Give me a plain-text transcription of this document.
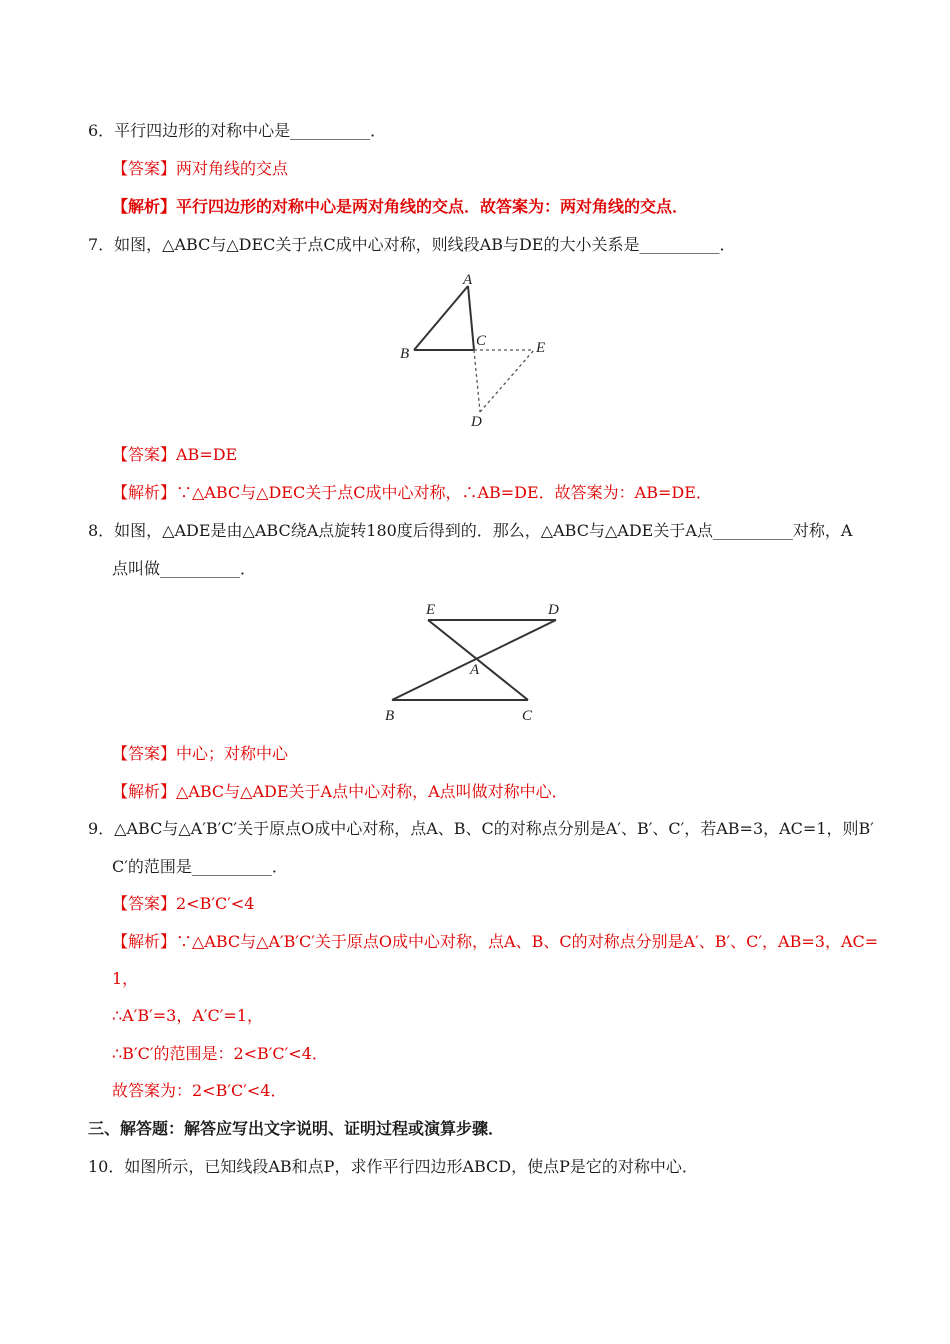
6．平行四边形的对称中心是__________．
【答案】两对角线的交点
【解析】平行四边形的对称中心是两对角线的交点．故答案为：两对角线的交点．
7．如图，△ABC与△DEC关于点C成中心对称，则线段AB与DE的大小关系是__________．
A
B
C	E
D
【答案】AB=DE
【解析】∵△ABC与△DEC关于点C成中心对称，∴AB=DE．故答案为：AB=DE．
8．如图，△ADE是由△ABC绕A点旋转180度后得到的．那么，△ABC与△ADE关于A点__________对称，A
点叫做__________．
E	D
A
B	C
【答案】中心；对称中心
【解析】△ABC与△ADE关于A点中心对称，A点叫做对称中心．
9．△ABC与△A′B′C′关于原点O成中心对称，点A、B、C的对称点分别是A′、B′、C′，若AB=3，AC=1，则B′
C′的范围是__________．
【答案】2<B′C′<4
【解析】∵△ABC与△A′B′C′关于原点O成中心对称，点A、B、C的对称点分别是A′、B′、C′，AB=3，AC=
1，
∴A′B′=3，A′C′=1，
∴B′C′的范围是：2<B′C′<4．
故答案为：2<B′C′<4．
三、解答题：解答应写出文字说明、证明过程或演算步骤．
10．如图所示，已知线段AB和点P，求作平行四边形ABCD，使点P是它的对称中心．
